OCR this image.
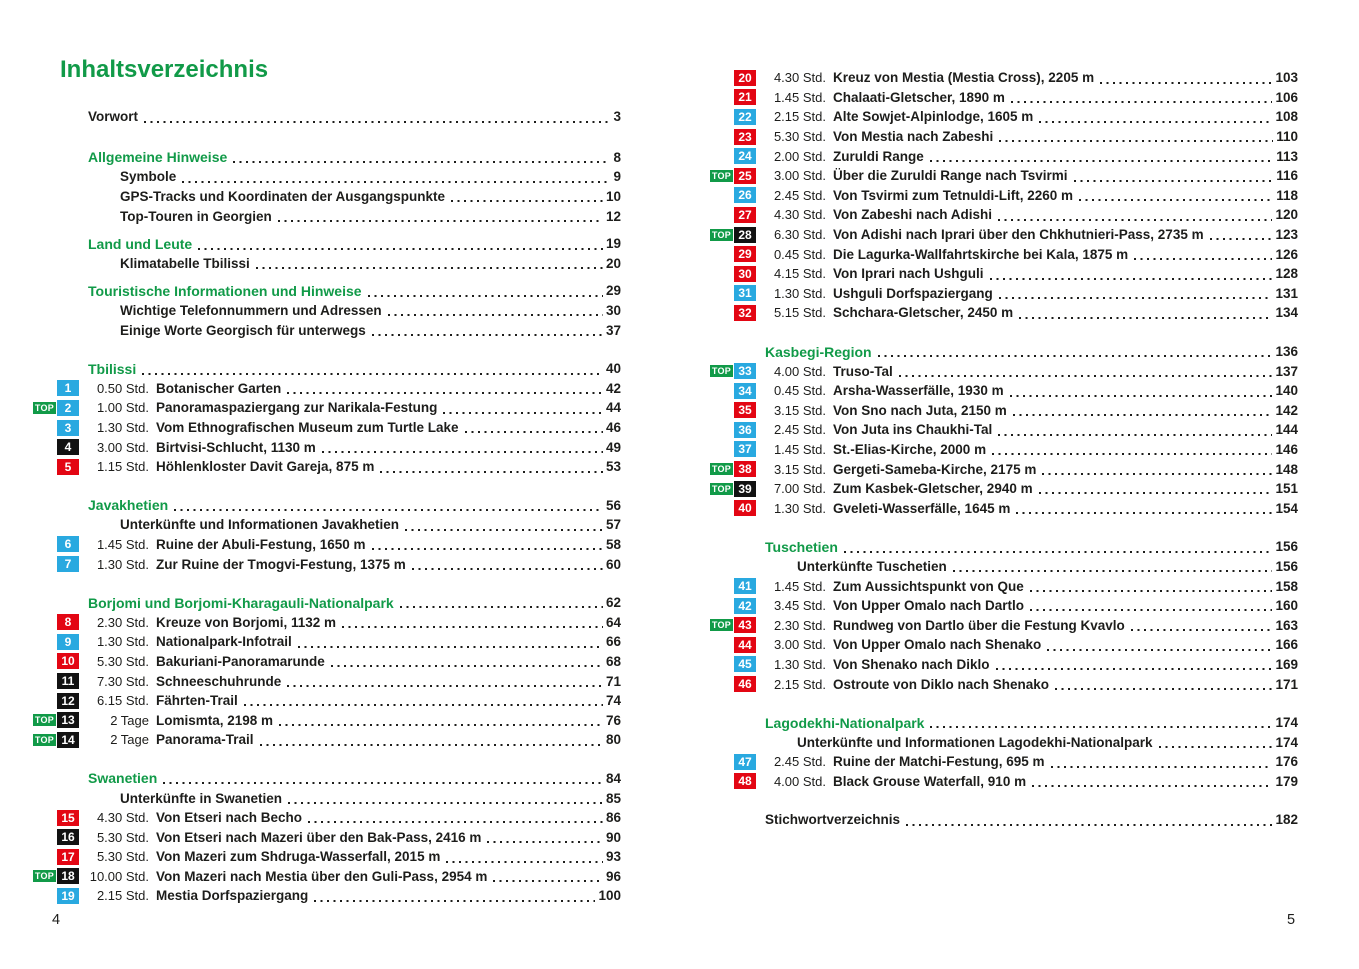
Inhaltsverzeichnis
Vorwort	3
Allgemeine Hinweise	8
Symbole	9
GPS-Tracks und Koordinaten der Ausgangspunkte	10
Top-Touren in Georgien	12
Land und Leute	19
Klimatabelle Tbilissi	20
Touristische Informationen und Hinweise	29
Wichtige Telefonnummern und Adressen	30
Einige Worte Georgisch für unterwegs	37
Tbilissi	40
1	0.50 Std. Botanischer Garten	42
TOP 2	1.00 Std. Panoramaspaziergang zur Narikala-Festung	44
3	1.30 Std. Vom Ethnografischen Museum zum Turtle Lake	46
4	3.00 Std. Birtvisi-Schlucht, 1130 m	49
5	1.15 Std. Höhlenkloster Davit Gareja, 875 m	53
Javakhetien	56
Unterkünfte und Informationen Javakhetien	57
6	1.45 Std. Ruine der Abuli-Festung, 1650 m	58
7	1.30 Std. Zur Ruine der Tmogvi-Festung, 1375 m	60
Borjomi und Borjomi-Kharagauli-Nationalpark	62
8	2.30 Std. Kreuze von Borjomi, 1132 m	64
9	1.30 Std. Nationalpark-Infotrail	66
10	5.30 Std. Bakuriani-Panoramarunde	68
11	7.30 Std. Schneeschuhrunde	71
12	6.15 Std. Fährten-Trail	74
TOP 13	2 Tage Lomismta, 2198 m	76
TOP 14	2 Tage Panorama-Trail	80
Swanetien	84
Unterkünfte in Swanetien	85
15	4.30 Std. Von Etseri nach Becho	86
16	5.30 Std. Von Etseri nach Mazeri über den Bak-Pass, 2416 m	90
17	5.30 Std. Von Mazeri zum Shdruga-Wasserfall, 2015 m	93
TOP 18	10.00 Std. Von Mazeri nach Mestia über den Guli-Pass, 2954 m	96
19	2.15 Std. Mestia Dorfspaziergang	100
20	4.30 Std. Kreuz von Mestia (Mestia Cross), 2205 m	103
21	1.45 Std. Chalaati-Gletscher, 1890 m	106
22	2.15 Std. Alte Sowjet-Alpinlodge, 1605 m	108
23	5.30 Std. Von Mestia nach Zabeshi	110
24	2.00 Std. Zuruldi Range	113
TOP 25	3.00 Std. Über die Zuruldi Range nach Tsvirmi	116
26	2.45 Std. Von Tsvirmi zum Tetnuldi-Lift, 2260 m	118
27	4.30 Std. Von Zabeshi nach Adishi	120
TOP 28	6.30 Std. Von Adishi nach Iprari über den Chkhutnieri-Pass, 2735 m	123
29	0.45 Std. Die Lagurka-Wallfahrtskirche bei Kala, 1875 m	126
30	4.15 Std. Von Iprari nach Ushguli	128
31	1.30 Std. Ushguli Dorfspaziergang	131
32	5.15 Std. Schchara-Gletscher, 2450 m	134
Kasbegi-Region	136
TOP 33	4.00 Std. Truso-Tal	137
34	0.45 Std. Arsha-Wasserfälle, 1930 m	140
35	3.15 Std. Von Sno nach Juta, 2150 m	142
36	2.45 Std. Von Juta ins Chaukhi-Tal	144
37	1.45 Std. St.-Elias-Kirche, 2000 m	146
TOP 38	3.15 Std. Gergeti-Sameba-Kirche, 2175 m	148
TOP 39	7.00 Std. Zum Kasbek-Gletscher, 2940 m	151
40	1.30 Std. Gveleti-Wasserfälle, 1645 m	154
Tuschetien	156
Unterkünfte Tuschetien	156
41	1.45 Std. Zum Aussichtspunkt von Que	158
42	3.45 Std. Von Upper Omalo nach Dartlo	160
TOP 43	2.30 Std. Rundweg von Dartlo über die Festung Kvavlo	163
44	3.00 Std. Von Upper Omalo nach Shenako	166
45	1.30 Std. Von Shenako nach Diklo	169
46	2.15 Std. Ostroute von Diklo nach Shenako	171
Lagodekhi-Nationalpark	174
Unterkünfte und Informationen Lagodekhi-Nationalpark	174
47	2.45 Std. Ruine der Matchi-Festung, 695 m	176
48	4.00 Std. Black Grouse Waterfall, 910 m	179
Stichwortverzeichnis	182
4	5
